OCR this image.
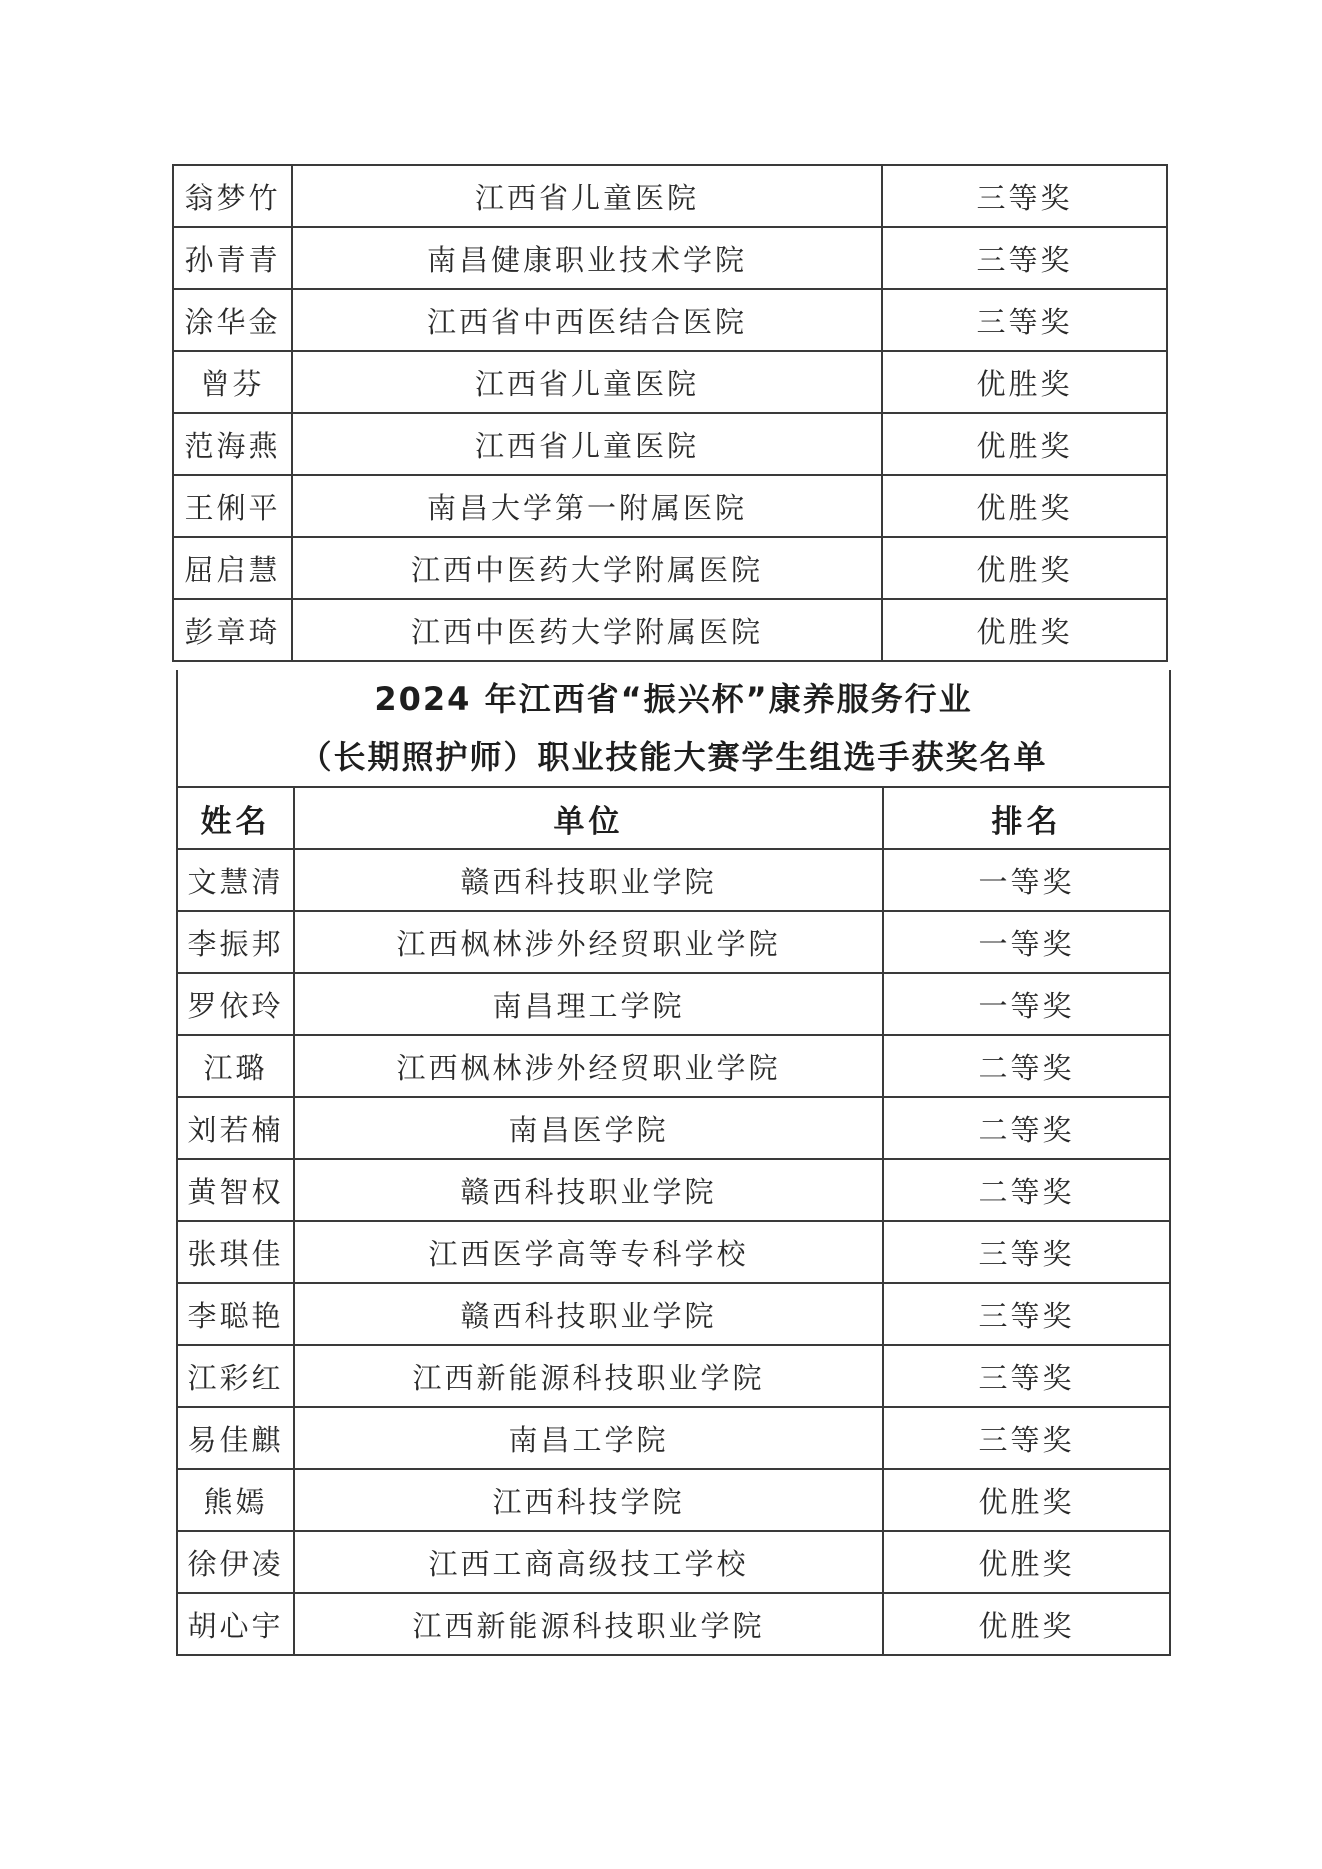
翁梦竹	江西省儿童医院	三等奖
孙青青	南昌健康职业技术学院	三等奖
涂华金	江西省中西医结合医院	三等奖
曾芬	江西省儿童医院	优胜奖
范海燕	江西省儿童医院	优胜奖
王俐平	南昌大学第一附属医院	优胜奖
屈启慧	江西中医药大学附属医院	优胜奖
彭章琦	江西中医药大学附属医院	优胜奖
2024 年江西省“振兴杯”康养服务行业
（长期照护师）职业技能大赛学生组选手获奖名单		

姓名	单位	排名
文慧清	赣西科技职业学院	一等奖
李振邦	江西枫林涉外经贸职业学院	一等奖
罗依玲	南昌理工学院	一等奖
江璐	江西枫林涉外经贸职业学院	二等奖
刘若楠	南昌医学院	二等奖
黄智权	赣西科技职业学院	二等奖
张琪佳	江西医学高等专科学校	三等奖
李聪艳	赣西科技职业学院	三等奖
江彩红	江西新能源科技职业学院	三等奖
易佳麒	南昌工学院	三等奖
熊嫣	江西科技学院	优胜奖
徐伊凌	江西工商高级技工学校	优胜奖
胡心宇	江西新能源科技职业学院	优胜奖
